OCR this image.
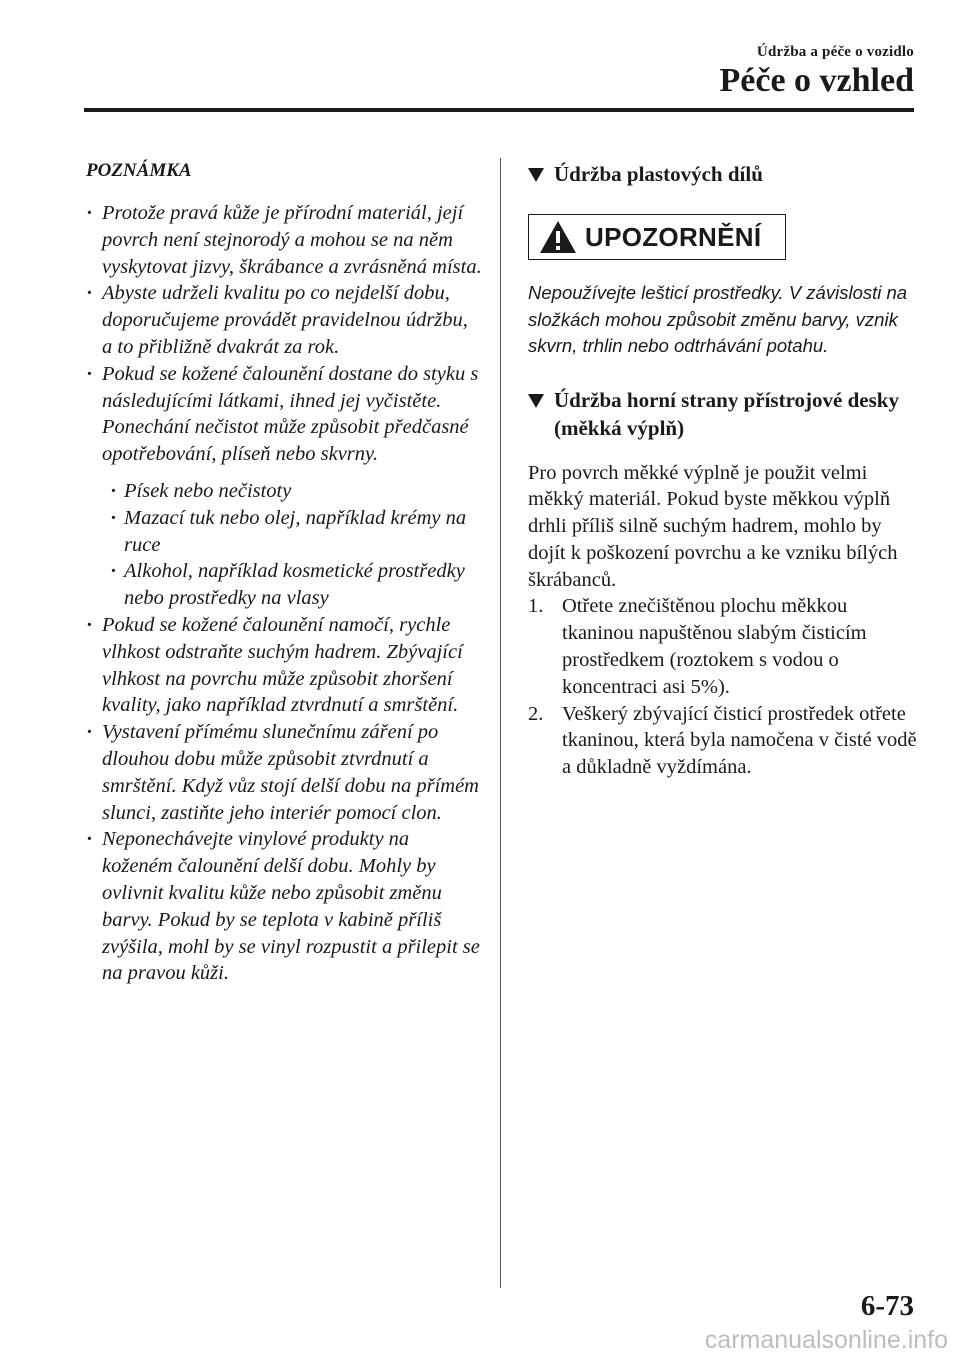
Údržba a péče o vozidlo
Péče o vzhled
POZNÁMKA

· Protože pravá kůže je přírodní materiál, její povrch není stejnorodý a mohou se na něm vyskytovat jizvy, škrábance a zvrásněná místa.

· Abyste udrželi kvalitu po co nejdelší dobu, doporučujeme provádět pravidelnou údržbu, a to přibližně dvakrát za rok.

· Pokud se kožené čalounění dostane do styku s následujícími látkami, ihned jej vyčistěte.

Ponechání nečistot může způsobit předčasné opotřebování, plíseň nebo skvrny.

· Písek nebo nečistoty
· Mazací tuk nebo olej, například krémy na ruce
· Alkohol, například kosmetické prostředky nebo prostředky na vlasy

· Pokud se kožené čalounění namočí, rychle vlhkost odstraňte suchým hadrem. Zbývající vlhkost na povrchu může způsobit zhoršení kvality, jako například ztvrdnutí a smrštění.

· Vystavení přímému slunečnímu záření po dlouhou dobu může způsobit ztvrdnutí a smrštění. Když vůz stojí delší dobu na přímém slunci, zastiňte jeho interiér pomocí clon.

· Neponechávejte vinylové produkty na koženém čalounění delší dobu. Mohly by ovlivnit kvalitu kůže nebo způsobit změnu barvy. Pokud by se teplota v kabině příliš zvýšila, mohl by se vinyl rozpustit a přilepit se na pravou kůži.

Údržba plastových dílů
UPOZORNĚNÍ

Nepoužívejte lešticí prostředky. V závislosti na složkách mohou způsobit změnu barvy, vznik skvrn, trhlin nebo odtrhávání potahu.

Údržba horní strany přístrojové desky (měkká výplň)

Pro povrch měkké výplně je použit velmi měkký materiál. Pokud byste měkkou výplň drhli příliš silně suchým hadrem, mohlo by dojít k poškození povrchu a ke vzniku bílých škrábanců.

1. Otřete znečištěnou plochu měkkou tkaninou napuštěnou slabým čisticím prostředkem (roztokem s vodou o koncentraci asi 5%).
2. Veškerý zbývající čisticí prostředek otřete tkaninou, která byla namočena v čisté vodě a důkladně vyždímána.
6-73
carmanualsonline.info
